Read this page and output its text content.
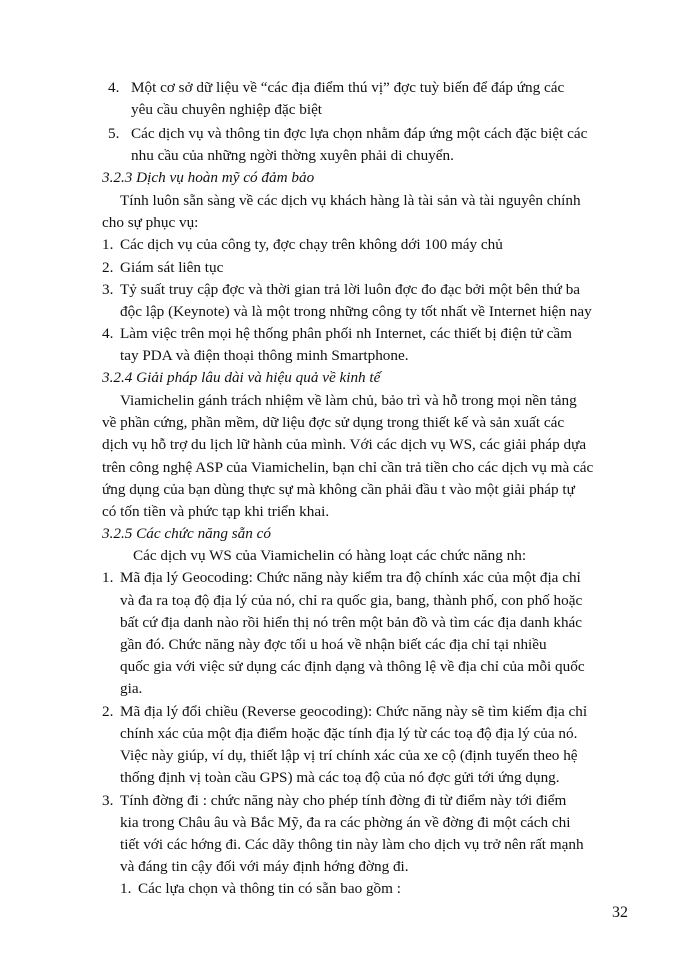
4. Một cơ sở dữ liệu về “các địa điểm thú vị” đợc tuỳ biến để đáp ứng các
yêu cầu chuyên nghiệp đặc biệt
5. Các dịch vụ và thông tin đợc lựa chọn nhằm đáp ứng một cách đặc biệt các
nhu cầu của những ngời thờng xuyên phải di chuyển.
3.2.3 Dịch vụ hoàn mỹ có đảm bảo
Tính luôn sẵn sàng về các dịch vụ khách hàng là tài sản và tài nguyên chính
cho sự phục vụ:
1. Các dịch vụ của công ty, đợc chạy trên không dới 100 máy chủ
2. Giám sát liên tục
3. Tỷ suất truy cập đợc và thời gian trả lời luôn đợc đo đạc bởi một bên thứ ba
độc lập (Keynote) và là một trong những công ty tốt nhất về Internet hiện nay
4. Làm việc trên mọi hệ thống phân phối nh Internet, các thiết bị điện tử cầm
tay PDA và điện thoại thông minh Smartphone.
3.2.4 Giải pháp lâu dài và hiệu quả về kinh tế
Viamichelin gánh trách nhiệm về làm chủ, bảo trì và hỗ trong mọi nền tảng
về phần cứng, phần mềm, dữ liệu đợc sử dụng trong thiết kế và sản xuất các
dịch vụ hỗ trợ du lịch lữ hành của mình. Với các dịch vụ WS, các giải pháp dựa
trên công nghệ ASP của Viamichelin, bạn chỉ cần trả tiền cho các dịch vụ mà các
ứng dụng của bạn dùng thực sự mà không cần phải đầu t vào một giải pháp tự
có tốn tiền và phức tạp khi triển khai.
3.2.5 Các chức năng sẵn có
Các dịch vụ WS của Viamichelin có hàng loạt các chức năng nh:
1. Mã địa lý Geocoding: Chức năng này kiểm tra độ chính xác của một địa chỉ
và đa ra toạ độ địa lý của nó, chỉ ra quốc gia, bang, thành phố, con phố hoặc
bất cứ địa danh nào rồi hiển thị nó trên một bản đồ và tìm các địa danh khác
gần đó. Chức năng này đợc tối u hoá về nhận biết các địa chỉ tại nhiều
quốc gia với việc sử dụng các định dạng và thông lệ về địa chỉ của mỗi quốc
gia.
2. Mã địa lý đổi chiều (Reverse geocoding): Chức năng này sẽ tìm kiếm địa chỉ
chính xác của một địa điểm hoặc đặc tính địa lý từ các toạ độ địa lý của nó.
Việc này giúp, ví dụ, thiết lập vị trí chính xác của xe cộ (định tuyến theo hệ
thống định vị toàn cầu GPS) mà các toạ độ của nó đợc gửi tới ứng dụng.
3. Tính đờng đi : chức năng này cho phép tính đờng đi từ điểm này tới điểm
kia trong Châu âu và Bắc Mỹ, đa ra các phờng án về đờng đi một cách chi
tiết với các hớng đi. Các dãy thông tin này làm cho dịch vụ trở nên rất mạnh
và đáng tin cậy đối với máy định hớng đờng đi.
1. Các lựa chọn và thông tin có sẵn bao gồm :
32
